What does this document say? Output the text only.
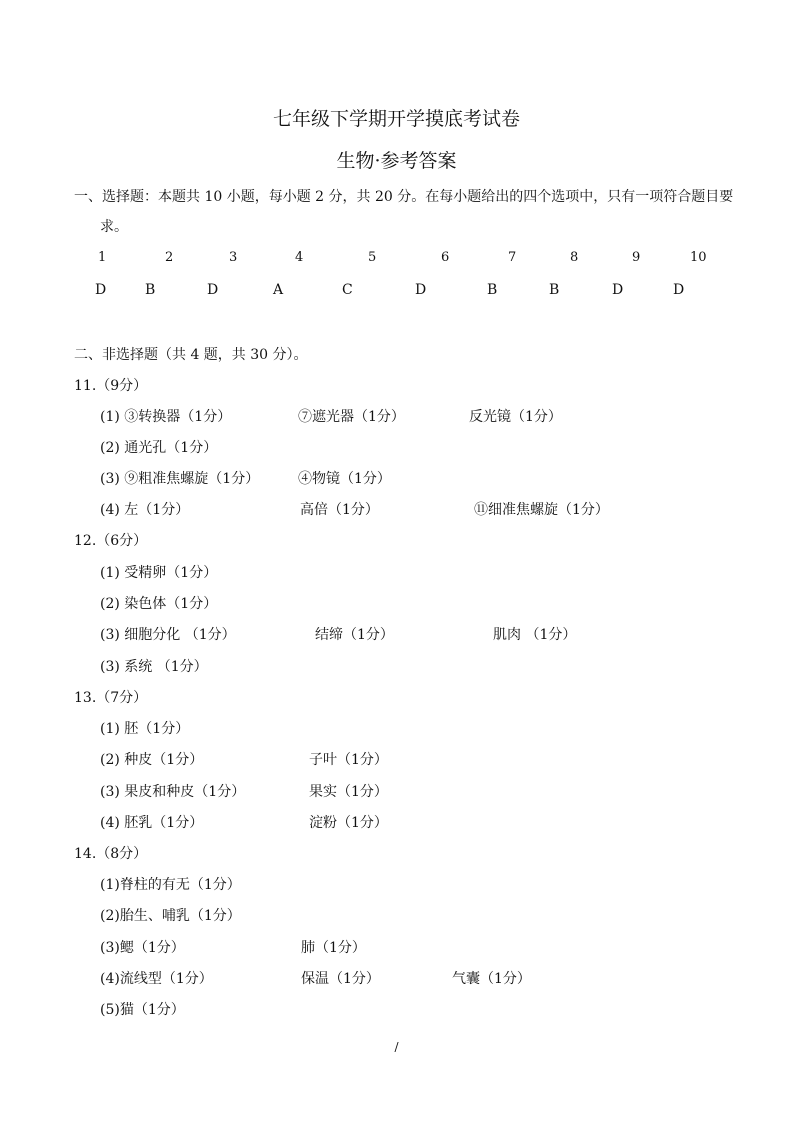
七年级下学期开学摸底考试卷
生物·参考答案
一、选择题：本题共 10 小题，每小题 2 分，共 20 分。在每小题给出的四个选项中，只有一项符合题目要
求。
1	2	3	4	5	6	7	8	9	10
D	B	D	A	C	D	B	B	D	D
二、非选择题（共 4 题，共 30 分）。
11.（9分）
(1) ③转换器（1分）	⑦遮光器（1分）	反光镜（1分）
(2) 通光孔（1分）
(3) ⑨粗准焦螺旋（1分）	④物镜（1分）
(4) 左（1分）	高倍（1分）	⑪细准焦螺旋（1分）
12.（6分）
(1) 受精卵（1分）
(2) 染色体（1分）
(3) 细胞分化 （1分）	结缔（1分）	肌肉 （1分）
(3) 系统 （1分）
13.（7分）
(1) 胚（1分）
(2) 种皮（1分）	子叶（1分）
(3) 果皮和种皮（1分）	果实（1分）
(4) 胚乳（1分）	淀粉（1分）
14.（8分）
(1)脊柱的有无（1分）
(2)胎生、哺乳（1分）
(3)鳃（1分）	肺（1分）
(4)流线型（1分）	保温（1分）	气囊（1分）
(5)猫（1分）
/
